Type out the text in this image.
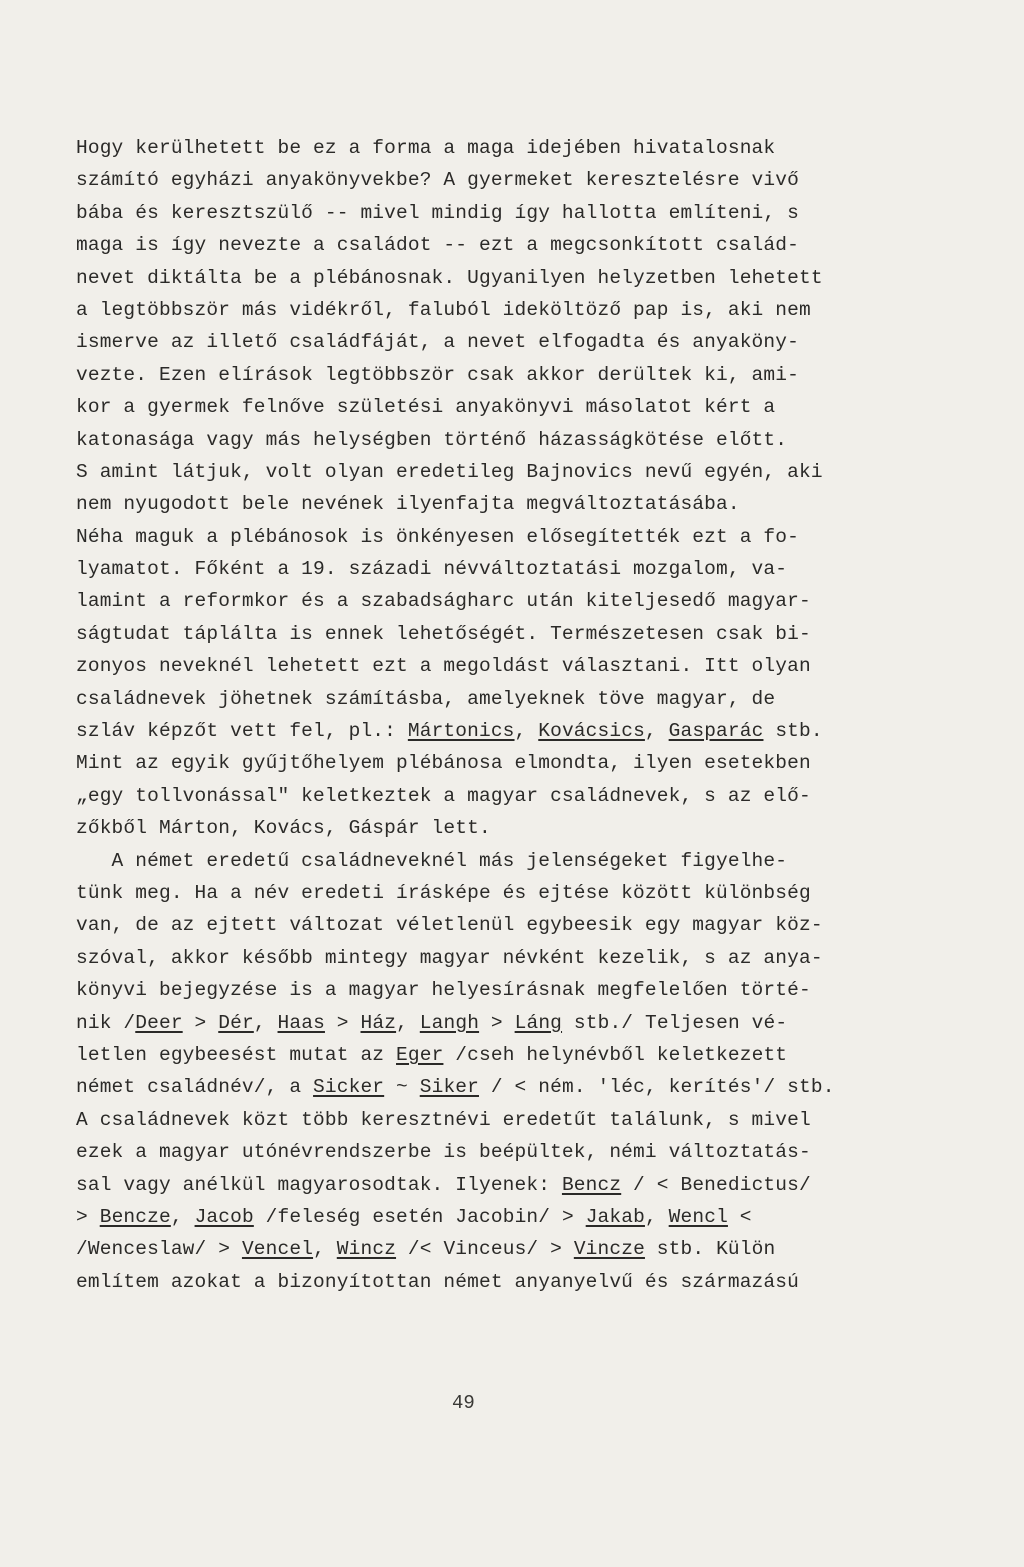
Hogy kerülhetett be ez a forma a maga idejében hivatalosnak
számító egyházi anyakönyvekbe? A gyermeket keresztelésre vivő
bába és keresztszülő -- mivel mindig így hallotta említeni, s
maga is így nevezte a családot -- ezt a megcsonkított család-
nevet diktálta be a plébánosnak. Ugyanilyen helyzetben lehetett
a legtöbbször más vidékről, faluból ideköltöző pap is, aki nem
ismerve az illető családfáját, a nevet elfogadta és anyaköny-
vezte. Ezen elírások legtöbbször csak akkor derültek ki, ami-
kor a gyermek felnőve születési anyakönyvi másolatot kért a
katonasága vagy más helységben történő házasságkötése előtt.
S amint látjuk, volt olyan eredetileg Bajnovics nevű egyén, aki
nem nyugodott bele nevének ilyenfajta megváltoztatásába.
Néha maguk a plébánosok is önkényesen elősegítették ezt a fo-
lyamatot. Főként a 19. századi névváltoztatási mozgalom, va-
lamint a reformkor és a szabadságharc után kiteljesedő magyar-
ságtudat táplálta is ennek lehetőségét. Természetesen csak bi-
zonyos neveknél lehetett ezt a megoldást választani. Itt olyan
családnevek jöhetnek számításba, amelyeknek töve magyar, de
szláv képzőt vett fel, pl.: Mártonics, Kovácsics, Gasparác stb.
Mint az egyik gyűjtőhelyem plébánosa elmondta, ilyen esetekben
„egy tollvonással" keletkeztek a magyar családnevek, s az elő-
zőkből Márton, Kovács, Gáspár lett.
A német eredetű családneveknél más jelenségeket figyelhe-
tünk meg. Ha a név eredeti írásképe és ejtése között különbség
van, de az ejtett változat véletlenül egybeesik egy magyar köz-
szóval, akkor később mintegy magyar névként kezelik, s az anya-
könyvi bejegyzése is a magyar helyesírásnak megfelelően törté-
nik /Deer > Dér, Haas > Ház, Langh > Láng stb./ Teljesen vé-
letlen egybeesést mutat az Eger /cseh helynévből keletkezett
német családnév/, a Sicker ~ Siker / < ném. 'léc, kerítés'/ stb.
A családnevek közt több keresztnévi eredetűt találunk, s mivel
ezek a magyar utónévrendszerbe is beépültek, némi változtatás-
sal vagy anélkül magyarosodtak. Ilyenek: Bencz / < Benedictus/
> Bencze, Jacob /feleség esetén Jacobin/ > Jakab, Wencl <
/Wenceslaw/ > Vencel, Wincz /< Vinceus/ > Vincze stb. Külön
említem azokat a bizonyítottan német anyanyelvű és származású
49
